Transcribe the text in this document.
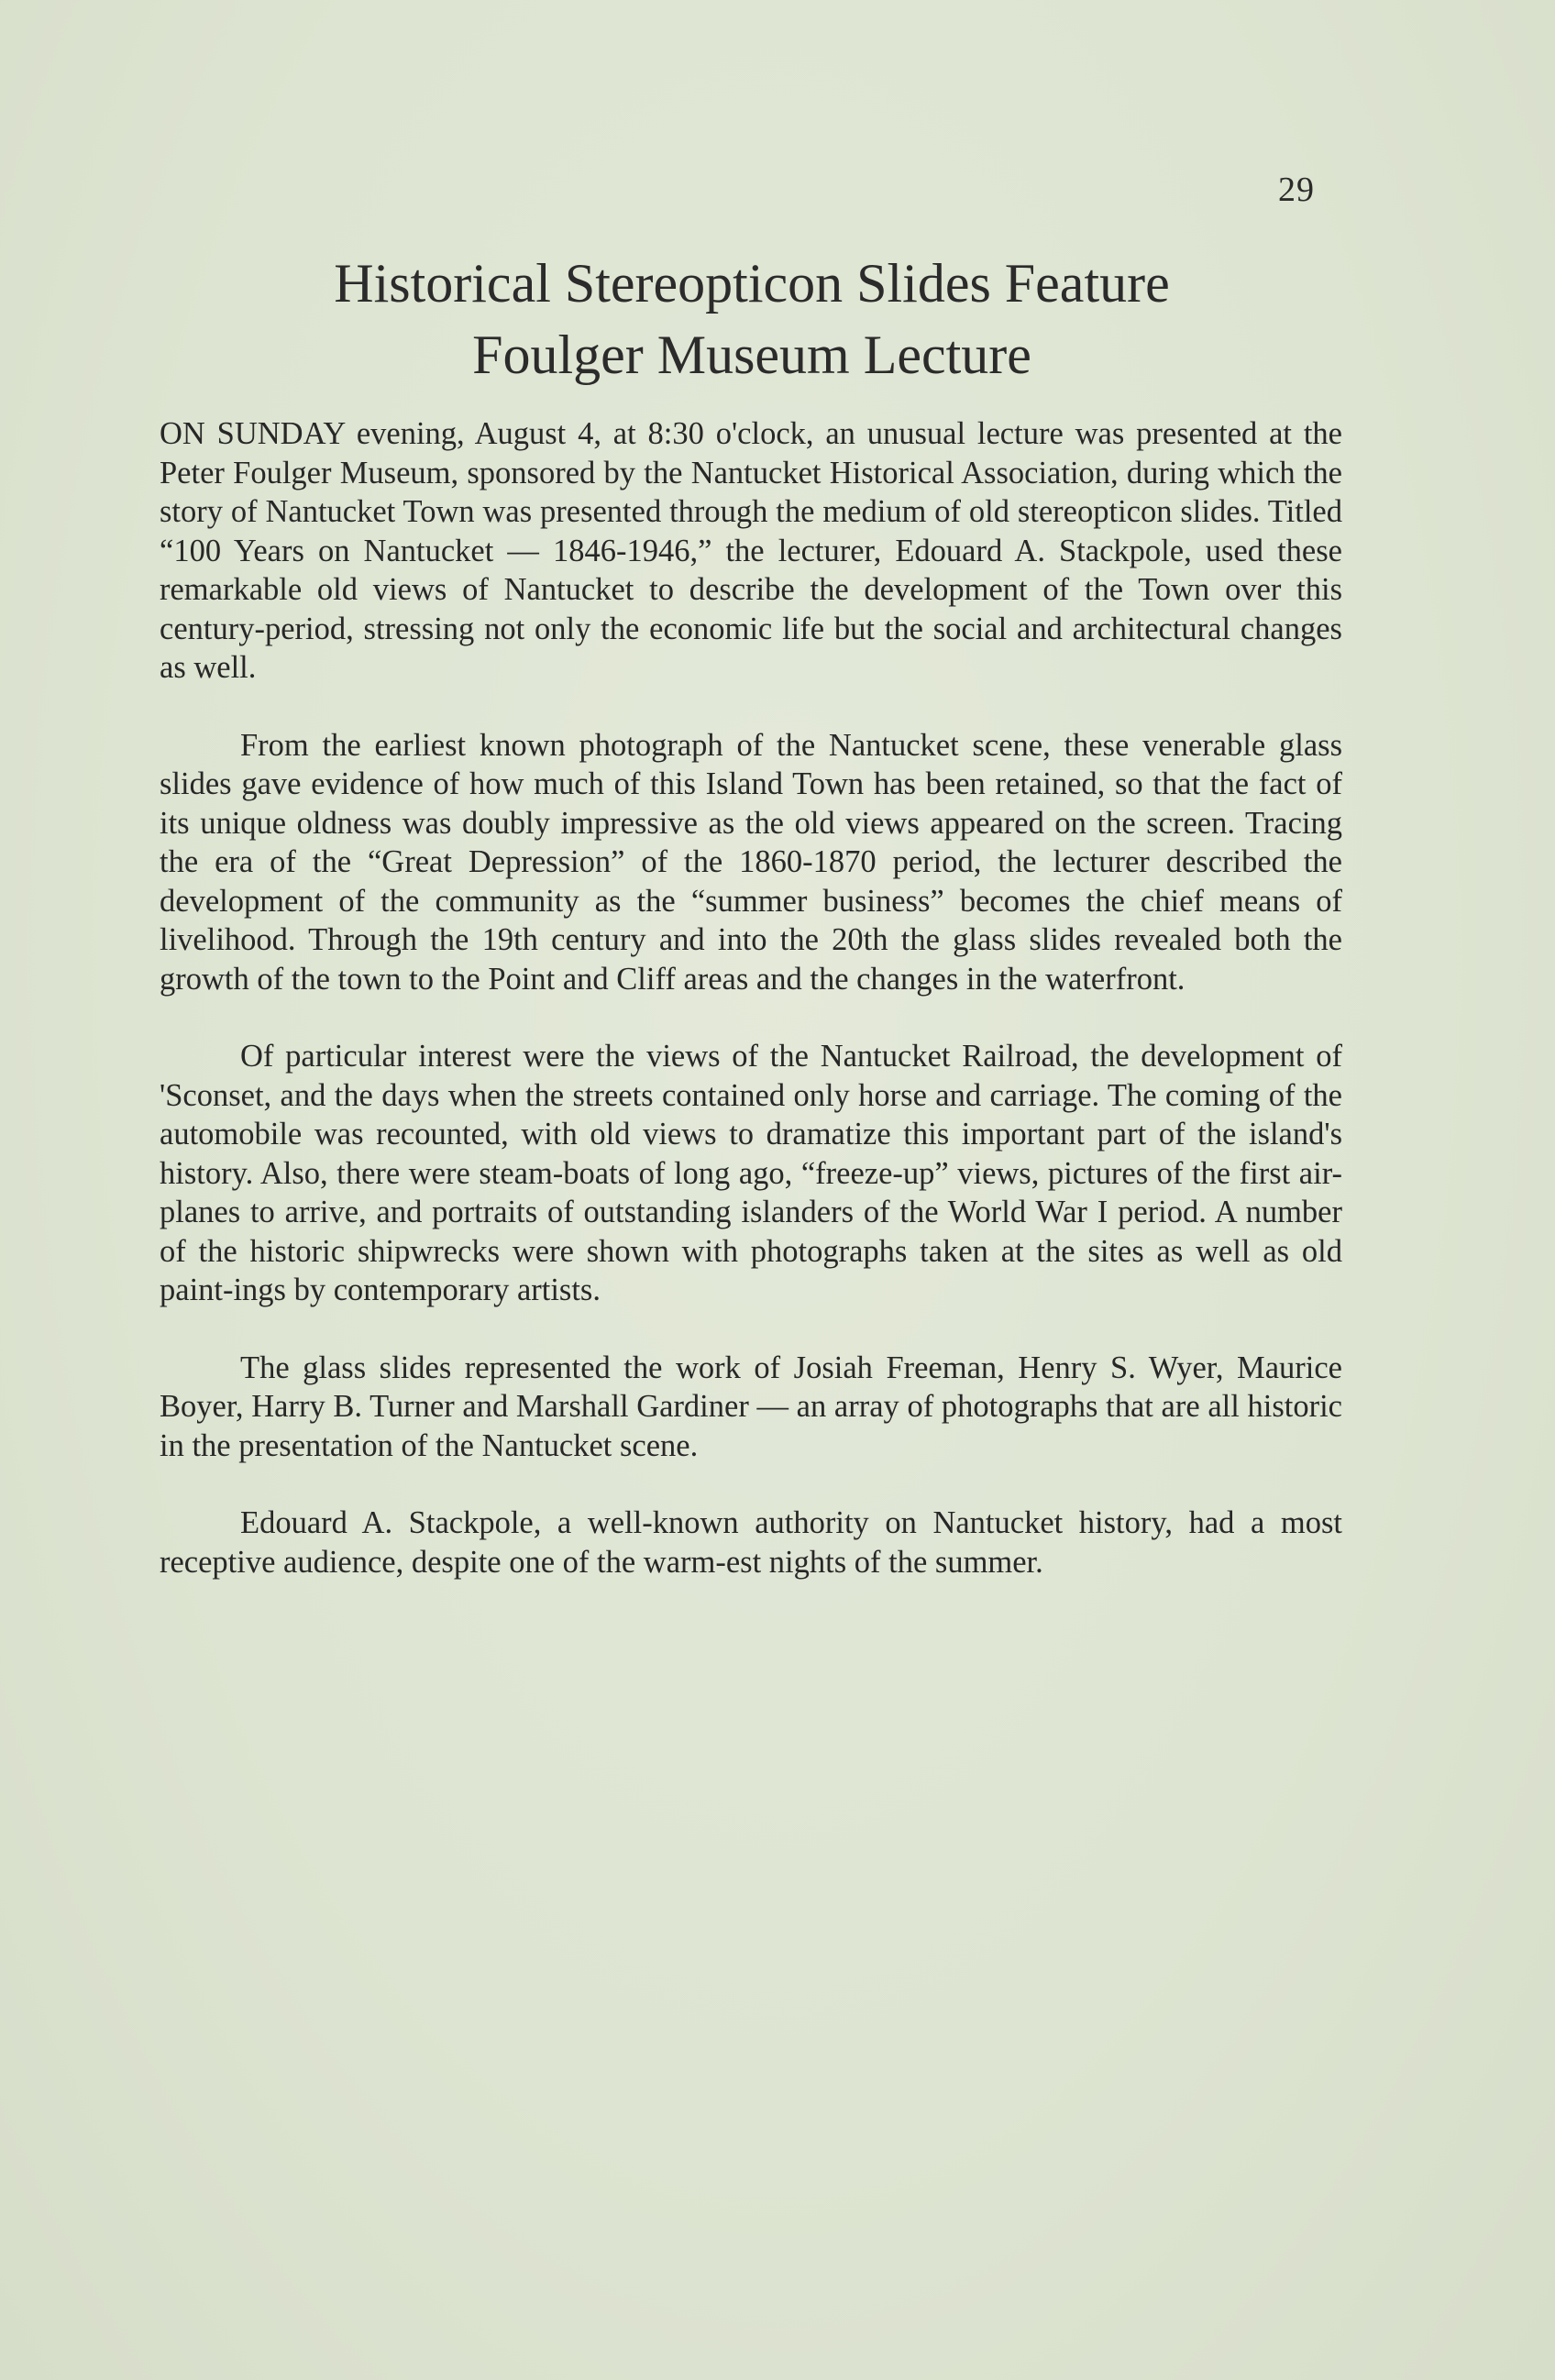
29
Historical Stereopticon Slides Feature
Foulger Museum Lecture

ON SUNDAY evening, August 4, at 8:30 o'clock, an unusual lecture was presented at the Peter Foulger Museum, sponsored by the Nantucket Historical Association, during which the story of Nantucket Town was presented through the medium of old stereopticon slides. Titled “100 Years on Nantucket — 1846-1946,” the lecturer, Edouard A. Stackpole, used these remarkable old views of Nantucket to describe the development of the Town over this century-period, stressing not only the economic life but the social and architectural changes as well.

From the earliest known photograph of the Nantucket scene, these venerable glass slides gave evidence of how much of this Island Town has been retained, so that the fact of its unique oldness was doubly impressive as the old views appeared on the screen. Tracing the era of the “Great Depression” of the 1860-1870 period, the lecturer described the development of the community as the “summer business” becomes the chief means of livelihood. Through the 19th century and into the 20th the glass slides revealed both the growth of the town to the Point and Cliff areas and the changes in the waterfront.

Of particular interest were the views of the Nantucket Railroad, the development of 'Sconset, and the days when the streets contained only horse and carriage. The coming of the automobile was recounted, with old views to dramatize this important part of the island's history. Also, there were steam-boats of long ago, “freeze-up” views, pictures of the first air-planes to arrive, and portraits of outstanding islanders of the World War I period. A number of the historic shipwrecks were shown with photographs taken at the sites as well as old paint-ings by contemporary artists.

The glass slides represented the work of Josiah Freeman, Henry S. Wyer, Maurice Boyer, Harry B. Turner and Marshall Gardiner — an array of photographs that are all historic in the presentation of the Nantucket scene.

Edouard A. Stackpole, a well-known authority on Nantucket history, had a most receptive audience, despite one of the warm-est nights of the summer.
